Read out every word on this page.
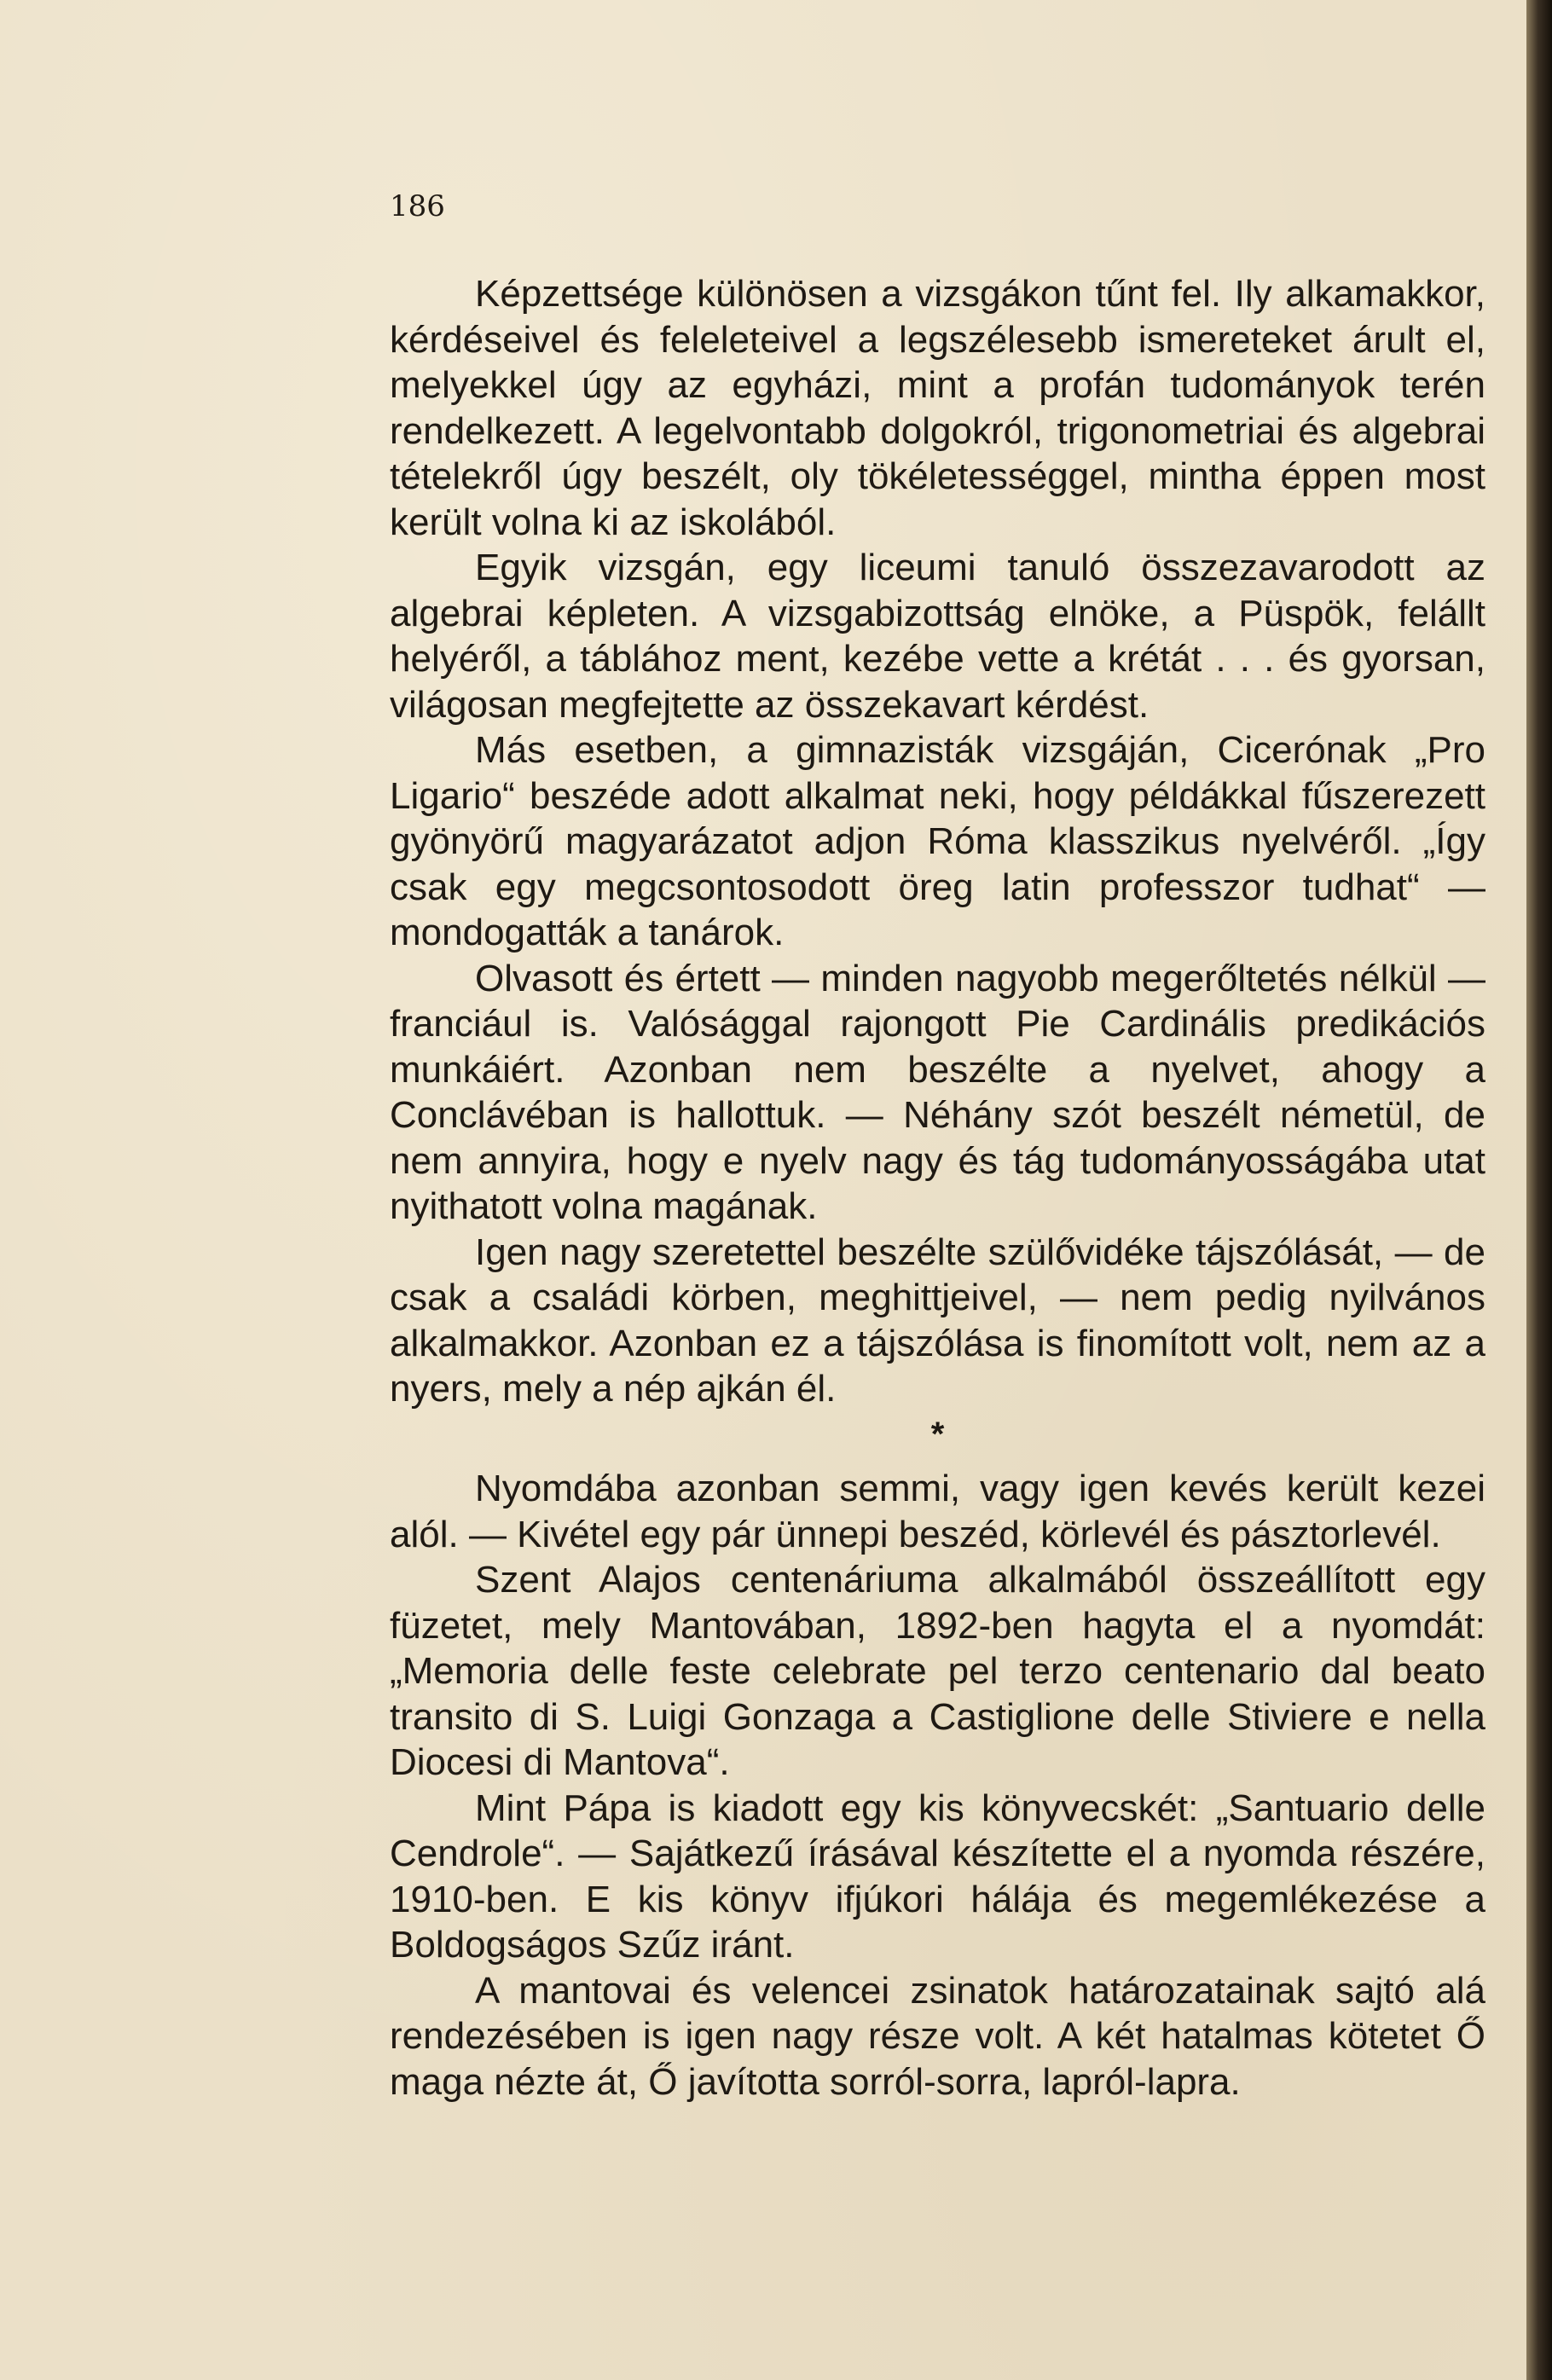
186

Képzettsége különösen a vizsgákon tűnt fel. Ily alkamakkor, kérdéseivel és feleleteivel a legszélesebb ismereteket árult el, melyekkel úgy az egyházi, mint a profán tudományok terén rendelkezett. A legelvontabb dolgokról, trigonometriai és algebrai tételekről úgy beszélt, oly tökéletességgel, mintha éppen most került volna ki az iskolából.

Egyik vizsgán, egy liceumi tanuló összezavarodott az algebrai képleten. A vizsgabizottság elnöke, a Püspök, felállt helyéről, a táblához ment, kezébe vette a krétát . . . és gyorsan, világosan megfejtette az összekavart kérdést.

Más esetben, a gimnazisták vizsgáján, Cicerónak „Pro Ligario“ beszéde adott alkalmat neki, hogy példákkal fűszerezett gyönyörű magyarázatot adjon Róma klasszikus nyelvéről. „Így csak egy megcsontosodott öreg latin professzor tudhat“ — mondogatták a tanárok.

Olvasott és értett — minden nagyobb megerőltetés nélkül — franciául is. Valósággal rajongott Pie Cardinális predikációs munkáiért. Azonban nem beszélte a nyelvet, ahogy a Conclávéban is hallottuk. — Néhány szót beszélt németül, de nem annyira, hogy e nyelv nagy és tág tudományosságába utat nyithatott volna magának.

Igen nagy szeretettel beszélte szülővidéke tájszólását, — de csak a családi körben, meghittjeivel, — nem pedig nyilvános alkalmakkor. Azonban ez a tájszólása is finomított volt, nem az a nyers, mely a nép ajkán él.

*

Nyomdába azonban semmi, vagy igen kevés került kezei alól. — Kivétel egy pár ünnepi beszéd, körlevél és pásztorlevél.

Szent Alajos centenáriuma alkalmából összeállított egy füzetet, mely Mantovában, 1892-ben hagyta el a nyomdát: „Memoria delle feste celebrate pel terzo centenario dal beato transito di S. Luigi Gonzaga a Castiglione delle Stiviere e nella Diocesi di Mantova“.

Mint Pápa is kiadott egy kis könyvecskét: „Santuario delle Cendrole“. — Sajátkezű írásával készítette el a nyomda részére, 1910-ben. E kis könyv ifjúkori hálája és megemlékezése a Boldogságos Szűz iránt.

A mantovai és velencei zsinatok határozatainak sajtó alá rendezésében is igen nagy része volt. A két hatalmas kötetet Ő maga nézte át, Ő javította sorról-sorra, lapról-lapra.
